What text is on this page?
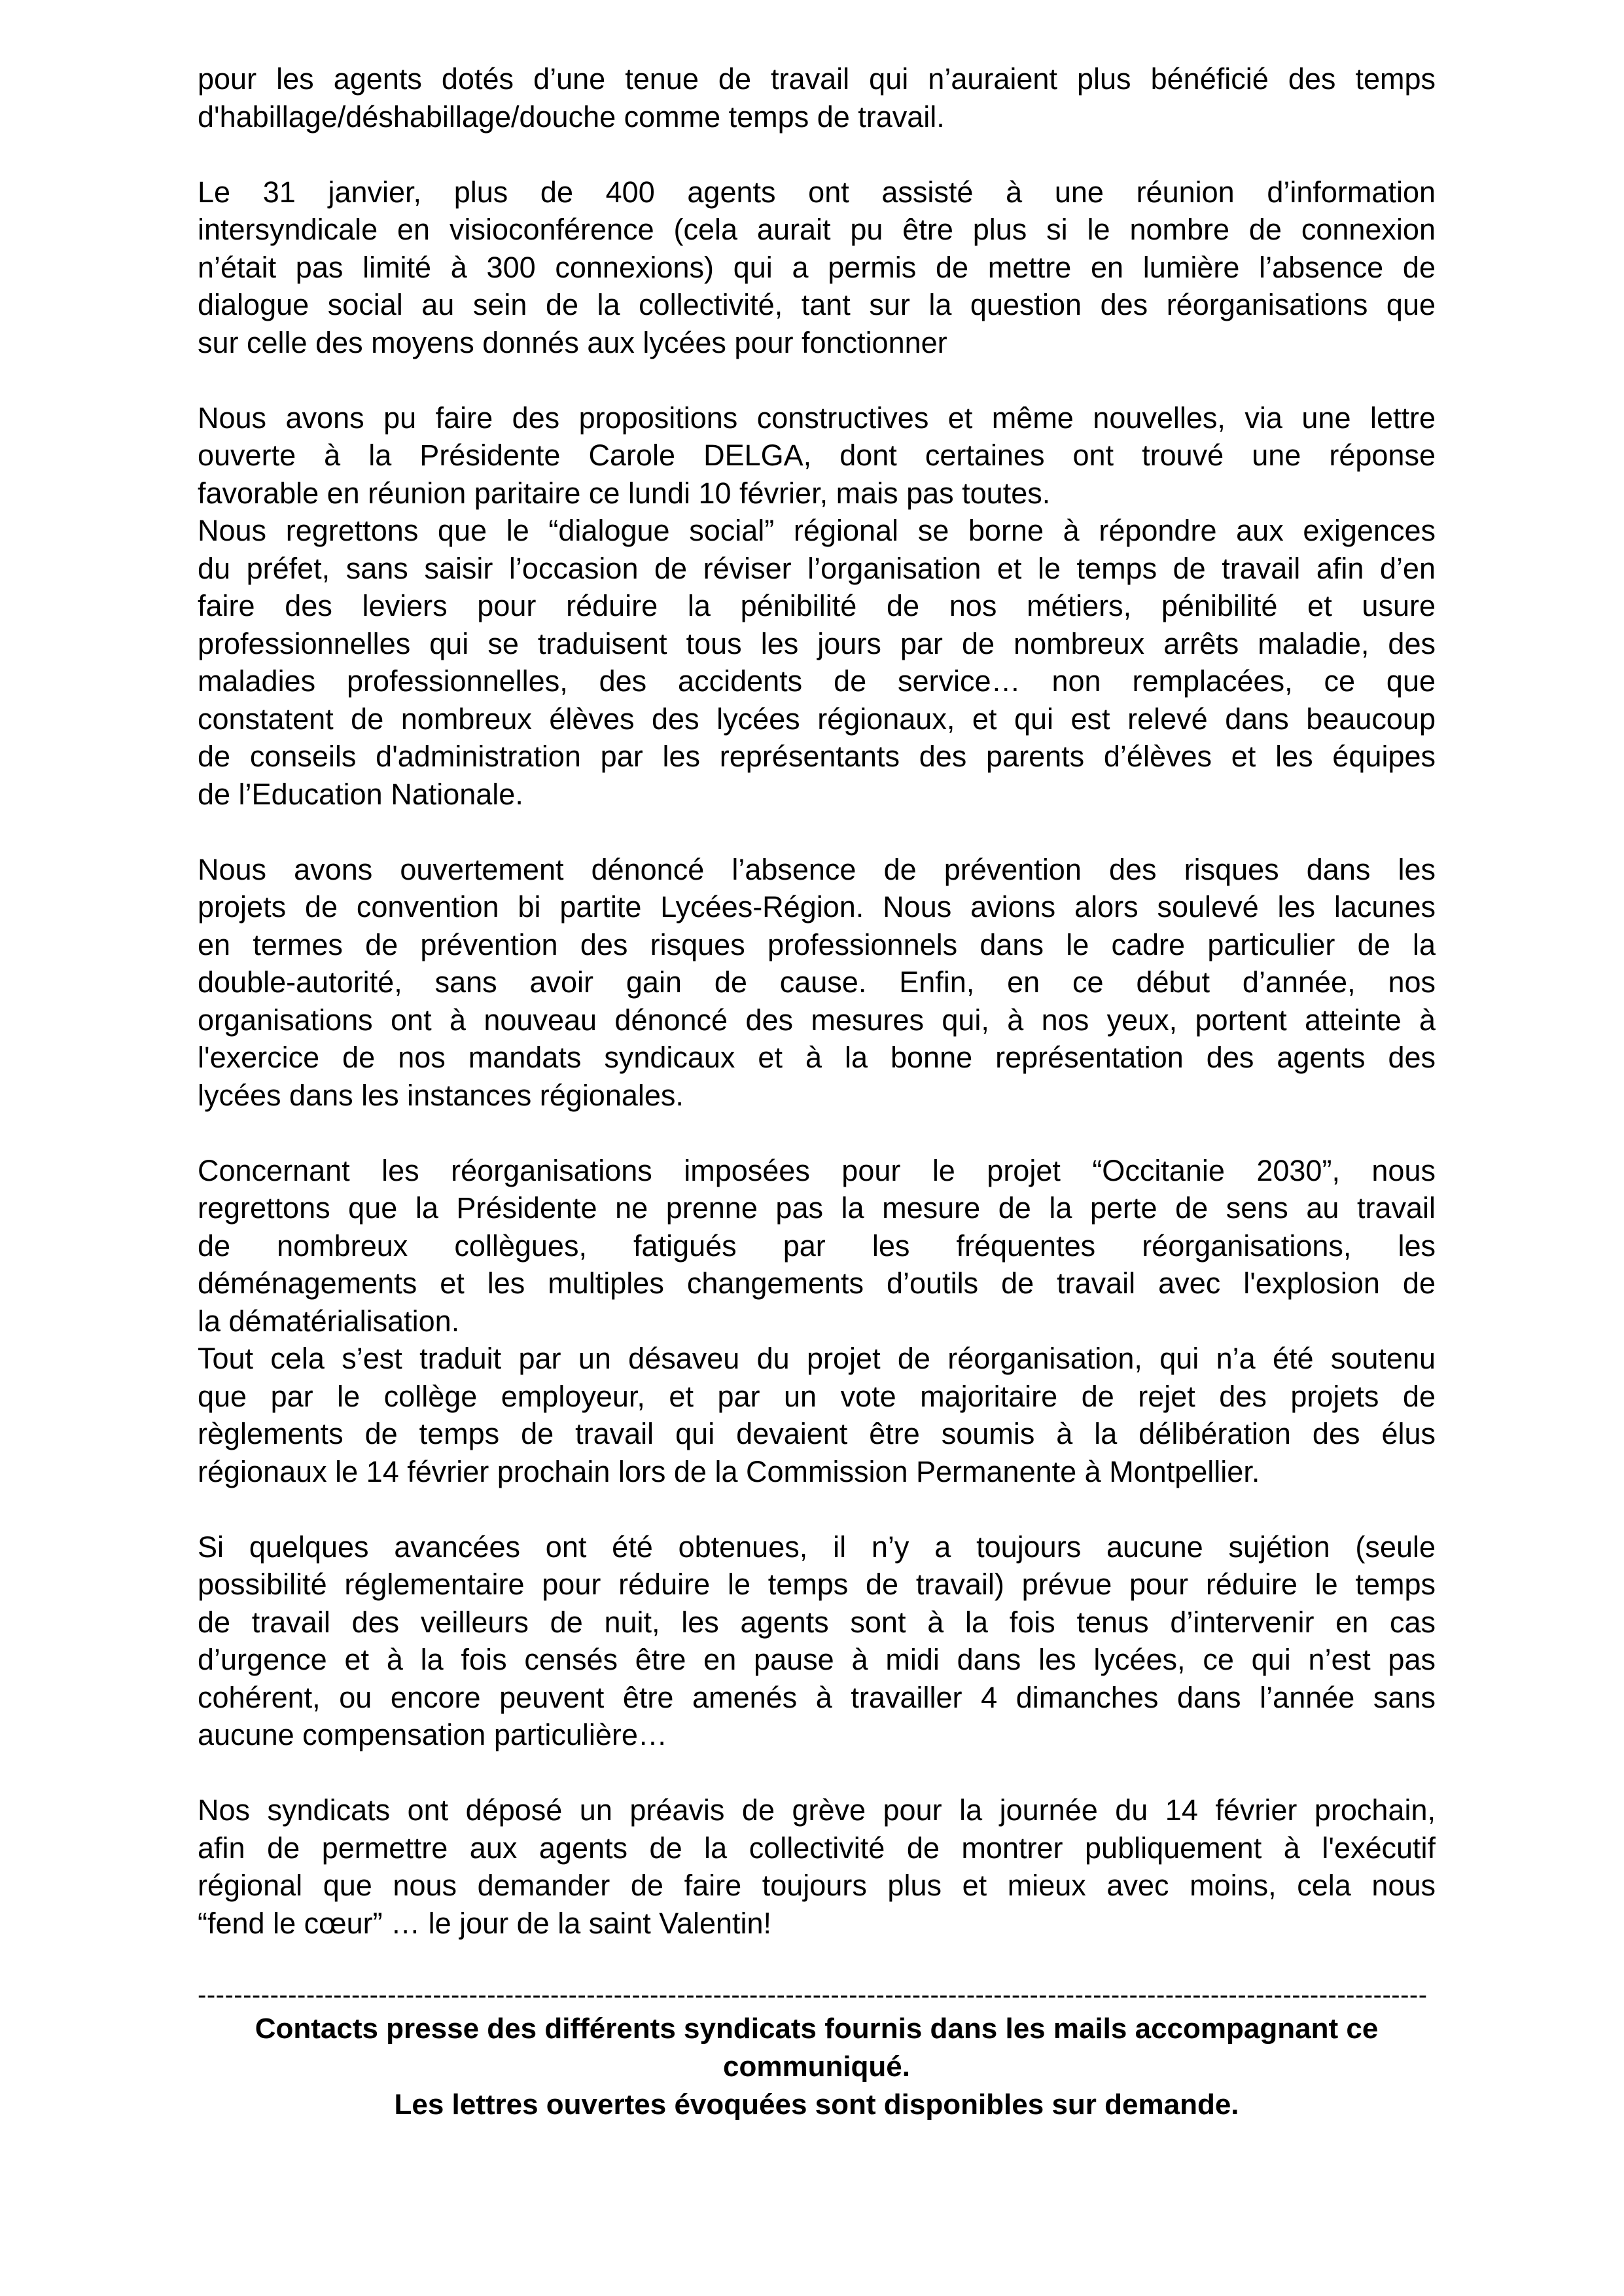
pour les agents dotés d’une tenue de travail qui n’auraient plus bénéficié des temps
d'habillage/déshabillage/douche comme temps de travail.
Le 31 janvier, plus de 400 agents ont assisté à une réunion d’information
intersyndicale en visioconférence (cela aurait pu être plus si le nombre de connexion
n’était pas limité à 300 connexions) qui a permis de mettre en lumière l’absence de
dialogue social au sein de la collectivité, tant sur la question des réorganisations que
sur celle des moyens donnés aux lycées pour fonctionner
Nous avons pu faire des propositions constructives et même nouvelles, via une lettre
ouverte à la Présidente Carole DELGA, dont certaines ont trouvé une réponse
favorable en réunion paritaire ce lundi 10 février, mais pas toutes.
Nous regrettons que le “dialogue social” régional se borne à répondre aux exigences
du préfet, sans saisir l’occasion de réviser l’organisation et le temps de travail afin d’en
faire des leviers pour réduire la pénibilité de nos métiers, pénibilité et usure
professionnelles qui se traduisent tous les jours par de nombreux arrêts maladie, des
maladies professionnelles, des accidents de service… non remplacées, ce que
constatent de nombreux élèves des lycées régionaux, et qui est relevé dans beaucoup
de conseils d'administration par les représentants des parents d’élèves et les équipes
de l’Education Nationale.
Nous avons ouvertement dénoncé l’absence de prévention des risques dans les
projets de convention bi partite Lycées-Région. Nous avions alors soulevé les lacunes
en termes de prévention des risques professionnels dans le cadre particulier de la
double-autorité, sans avoir gain de cause. Enfin, en ce début d’année, nos
organisations ont à nouveau dénoncé des mesures qui, à nos yeux, portent atteinte à
l'exercice de nos mandats syndicaux et à la bonne représentation des agents des
lycées dans les instances régionales.
Concernant les réorganisations imposées pour le projet “Occitanie 2030”, nous
regrettons que la Présidente ne prenne pas la mesure de la perte de sens au travail
de nombreux collègues, fatigués par les fréquentes réorganisations, les
déménagements et les multiples changements d’outils de travail avec l'explosion de
la dématérialisation.
Tout cela s’est traduit par un désaveu du projet de réorganisation, qui n’a été soutenu
que par le collège employeur, et par un vote majoritaire de rejet des projets de
règlements de temps de travail qui devaient être soumis à la délibération des élus
régionaux le 14 février prochain lors de la Commission Permanente à Montpellier.
Si quelques avancées ont été obtenues, il n’y a toujours aucune sujétion (seule
possibilité réglementaire pour réduire le temps de travail) prévue pour réduire le temps
de travail des veilleurs de nuit, les agents sont à la fois tenus d’intervenir en cas
d’urgence et à la fois censés être en pause à midi dans les lycées, ce qui n’est pas
cohérent, ou encore peuvent être amenés à travailler 4 dimanches dans l’année sans
aucune compensation particulière…
Nos syndicats ont déposé un préavis de grève pour la journée du 14 février prochain,
afin de permettre aux agents de la collectivité de montrer publiquement à l'exécutif
régional que nous demander de faire toujours plus et mieux avec moins, cela nous
“fend le cœur” … le jour de la saint Valentin!
----------------------------------------------------------------------------------------------------------------------------------------
Contacts presse des différents syndicats fournis dans les mails accompagnant ce
communiqué.
Les lettres ouvertes évoquées sont disponibles sur demande.
